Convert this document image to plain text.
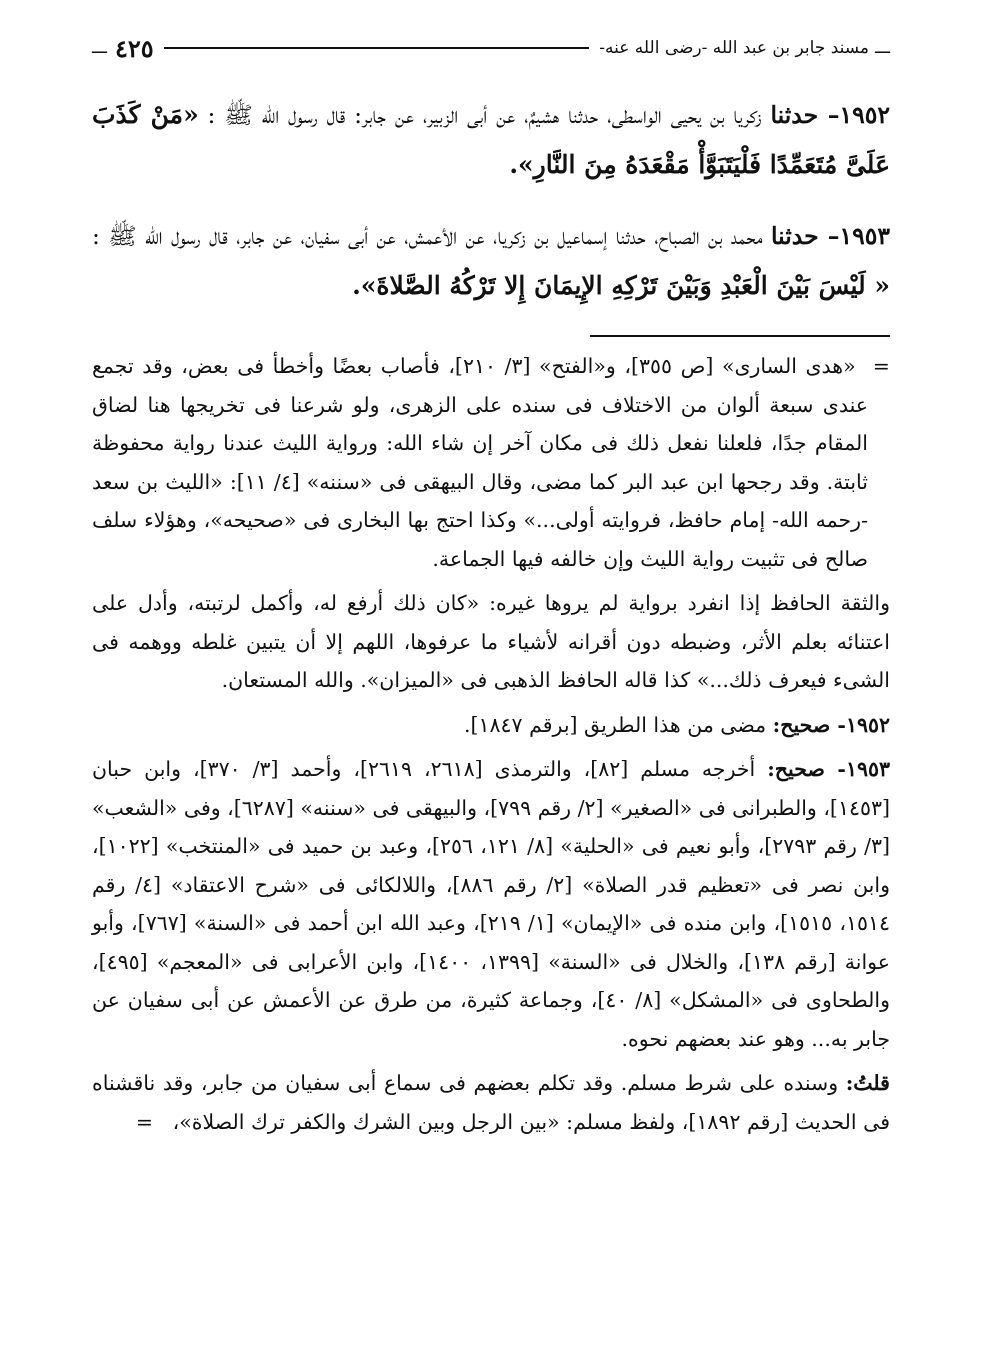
ـــ
مسند جابر بن عبد الله -رضى الله عنه-
٤٢٥
ـــ

١٩٥٢– حدثنا زكريا بن يحيى الواسطى، حدثنا هشيمٌ، عن أبى الزبير، عن جابر: قال رسول الله ﷺ : «مَنْ كَذَبَ عَلَىَّ مُتَعَمِّدًا فَلْيَتَبَوَّأْ مَقْعَدَهُ مِنَ النَّارِ».

١٩٥٣– حدثنا محمد بن الصباح، حدثنا إسماعيل بن زكريا، عن الأعمش، عن أبى سفيان، عن جابر، قال رسول الله ﷺ : « لَيْسَ بَيْنَ الْعَبْدِ وَبَيْنَ تَرْكِهِ الإِيمَانَ إِلا تَرْكُهُ الصَّلاةَ».

=  «هدى السارى» [ص ٣٥٥]، و«الفتح» [٣/ ٢١٠]، فأصاب بعضًا وأخطأ فى بعض، وقد تجمع عندى سبعة ألوان من الاختلاف فى سنده على الزهرى، ولو شرعنا فى تخريجها هنا لضاق المقام جدًا، فلعلنا نفعل ذلك فى مكان آخر إن شاء الله: ورواية الليث عندنا رواية محفوظة ثابتة. وقد رجحها ابن عبد البر كما مضى، وقال البيهقى فى «سننه» [٤/ ١١]: «الليث بن سعد -رحمه الله- إمام حافظ، فروايته أولى...» وكذا احتج بها البخارى فى «صحيحه»، وهؤلاء سلف صالح فى تثبيت رواية الليث وإن خالفه فيها الجماعة.

والثقة الحافظ إذا انفرد برواية لم يروها غيره: «كان ذلك أرفع له، وأكمل لرتبته، وأدل على اعتنائه بعلم الأثر، وضبطه دون أقرانه لأشياء ما عرفوها، اللهم إلا أن يتبين غلطه ووهمه فى الشىء فيعرف ذلك...» كذا قاله الحافظ الذهبى فى «الميزان». والله المستعان.

١٩٥٢- صحيح: مضى من هذا الطريق [برقم ١٨٤٧].

١٩٥٣- صحيح: أخرجه مسلم [٨٢]، والترمذى [٢٦١٨، ٢٦١٩]، وأحمد [٣/ ٣٧٠]، وابن حبان [١٤٥٣]، والطبرانى فى «الصغير» [٢/ رقم ٧٩٩]، والبيهقى فى «سننه» [٦٢٨٧]، وفى «الشعب» [٣/ رقم ٢٧٩٣]، وأبو نعيم فى «الحلية» [٨/ ١٢١، ٢٥٦]، وعبد بن حميد فى «المنتخب» [١٠٢٢]، وابن نصر فى «تعظيم قدر الصلاة» [٢/ رقم ٨٨٦]، واللالكائى فى «شرح الاعتقاد» [٤/ رقم ١٥١٤، ١٥١٥]، وابن منده فى «الإيمان» [١/ ٢١٩]، وعبد الله ابن أحمد فى «السنة» [٧٦٧]، وأبو عوانة [رقم ١٣٨]، والخلال فى «السنة» [١٣٩٩، ١٤٠٠]، وابن الأعرابى فى «المعجم» [٤٩٥]، والطحاوى فى «المشكل» [٨/ ٤٠]، وجماعة كثيرة، من طرق عن الأعمش عن أبى سفيان عن جابر به... وهو عند بعضهم نحوه.

قلتُ: وسنده على شرط مسلم. وقد تكلم بعضهم فى سماع أبى سفيان من جابر، وقد ناقشناه فى الحديث [رقم ١٨٩٢]، ولفظ مسلم: «بين الرجل وبين الشرك والكفر ترك الصلاة»،   =
